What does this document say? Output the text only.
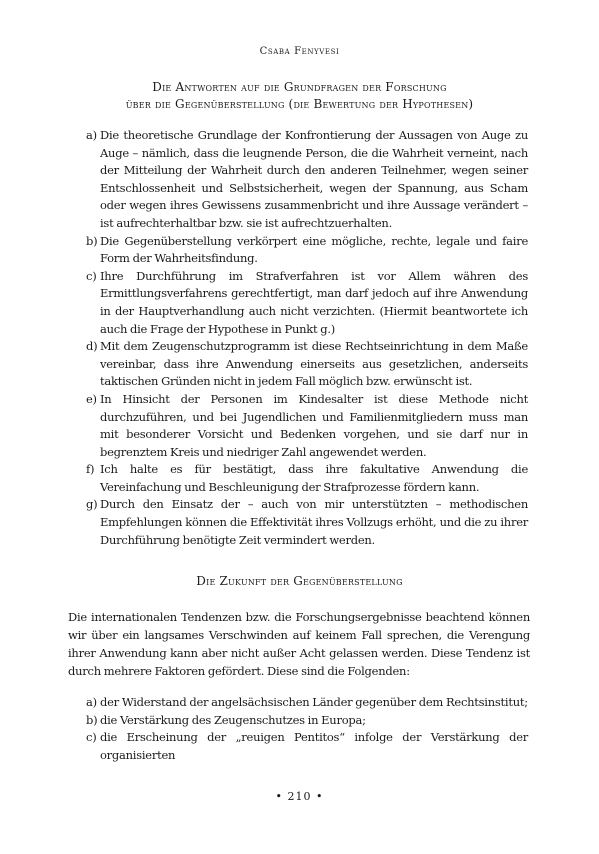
Csaba Fenyvesi
Die Antworten auf die Grundfragen der Forschung
über die Gegenüberstellung (die Bewertung der Hypothesen)
a) Die theoretische Grundlage der Konfrontierung der Aussagen von Auge zu Auge – nämlich, dass die leugnende Person, die die Wahrheit verneint, nach der Mitteilung der Wahrheit durch den anderen Teilnehmer, wegen seiner Entschlossenheit und Selbstsicherheit, wegen der Spannung, aus Scham oder wegen ihres Gewissens zusammenbricht und ihre Aussage verändert – ist aufrechterhaltbar bzw. sie ist aufrechtzuerhalten.
b) Die Gegenüberstellung verkörpert eine mögliche, rechte, legale und faire Form der Wahrheitsfindung.
c) Ihre Durchführung im Strafverfahren ist vor Allem währen des Ermittlungsverfahrens gerechtfertigt, man darf jedoch auf ihre Anwendung in der Hauptverhandlung auch nicht verzichten. (Hiermit beantwortete ich auch die Frage der Hypothese in Punkt g.)
d) Mit dem Zeugenschutzprogramm ist diese Rechtseinrichtung in dem Maße vereinbar, dass ihre Anwendung einerseits aus gesetzlichen, anderseits taktischen Gründen nicht in jedem Fall möglich bzw. erwünscht ist.
e) In Hinsicht der Personen im Kindesalter ist diese Methode nicht durchzuführen, und bei Jugendlichen und Familienmitgliedern muss man mit besonderer Vorsicht und Bedenken vorgehen, und sie darf nur in begrenztem Kreis und niedriger Zahl angewendet werden.
f) Ich halte es für bestätigt, dass ihre fakultative Anwendung die Vereinfachung und Beschleunigung der Strafprozesse fördern kann.
g) Durch den Einsatz der – auch von mir unterstützten – methodischen Empfehlungen können die Effektivität ihres Vollzugs erhöht, und die zu ihrer Durchführung benötigte Zeit vermindert werden.
Die Zukunft der Gegenüberstellung

Die internationalen Tendenzen bzw. die Forschungsergebnisse beachtend können wir über ein langsames Verschwinden auf keinem Fall sprechen, die Verengung ihrer Anwendung kann aber nicht außer Acht gelassen werden. Diese Tendenz ist durch mehrere Faktoren gefördert. Diese sind die Folgenden:

a) der Widerstand der angelsächsischen Länder gegenüber dem Rechtsinstitut;
b) die Verstärkung des Zeugenschutzes in Europa;
c) die Erscheinung der „reuigen Pentitos“ infolge der Verstärkung der organisierten
• 210 •
